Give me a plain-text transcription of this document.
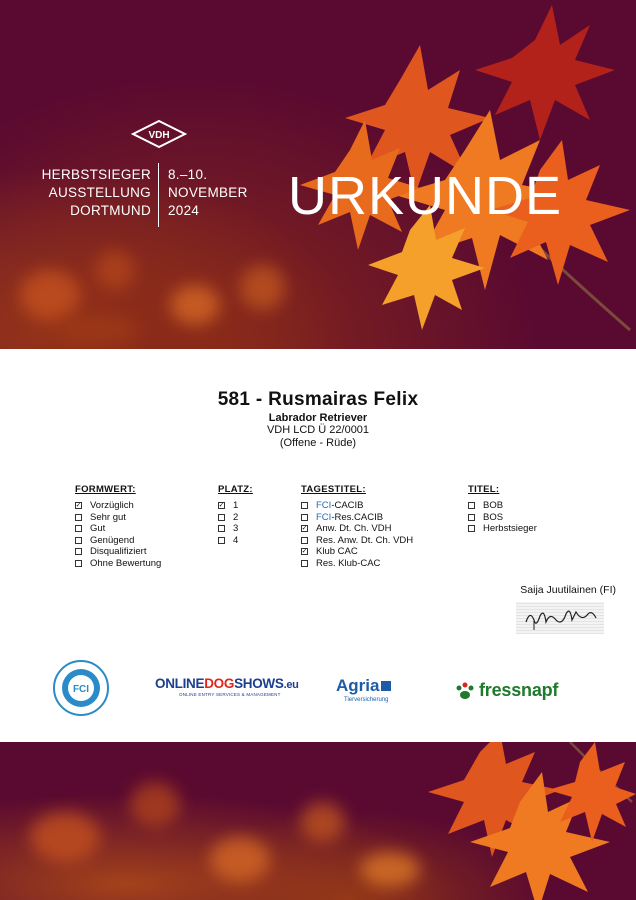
VDH
HERBSTSIEGER
AUSSTELLUNG
DORTMUND
8.–10.
NOVEMBER
2024	URKUNDE
581 - Rusmairas Felix
Labrador Retriever
VDH LCD Ü 22/0001
(Offene - Rüde)
FORMWERT:
✓ Vorzüglich
Sehr gut
Gut
Genügend
Disqualifiziert
Ohne Bewertung
PLATZ:
✓ 1
2
3
4
TAGESTITEL:
FCI -CACIB
FCI -Res.CACIB
✓ Anw. Dt. Ch. VDH
Res. Anw. Dt. Ch. VDH
✓ Klub CAC
Res. Klub-CAC
TITEL:
BOB
BOS
Herbstsieger
Saija Juutilainen (FI)
FCI	ONLINEDOGSHOWS.eu
ONLINE ENTRY SERVICES & MANAGEMENT	Agria
Tierversicherung	fressnapf
